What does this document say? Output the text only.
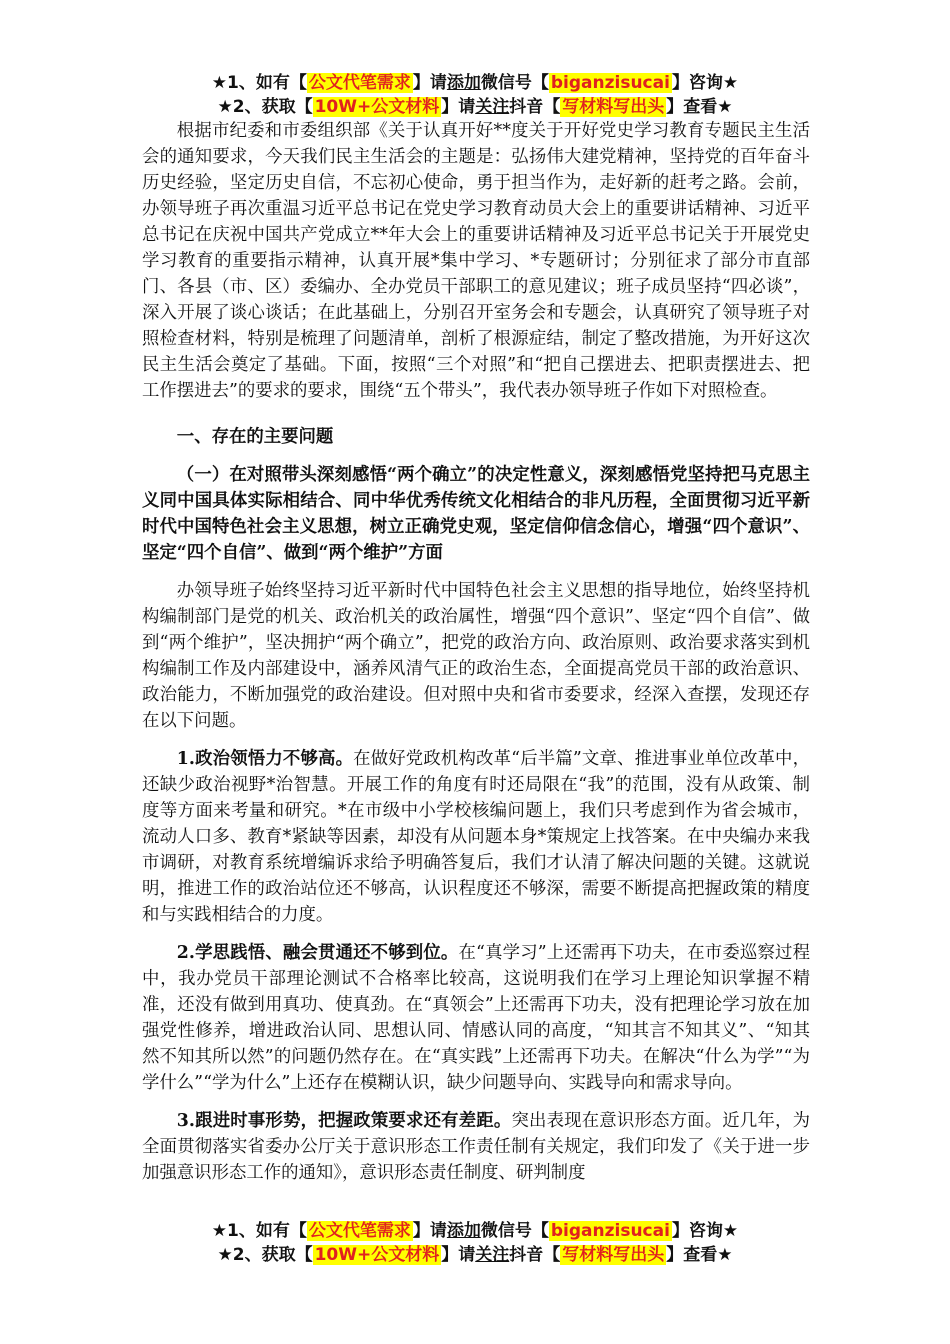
★1、如有【 公文代笔需求 】请添加微信号【 biganzisucai 】咨询★
★2、获取【 10W+公文材料 】请关注抖音【 写材料写出头 】查看★

根据市纪委和市委组织部《关于认真开好**度关于开好党史学习教育专题民主生活会的通知要求，今天我们民主生活会的主题是：弘扬伟大建党精神，坚持党的百年奋斗历史经验，坚定历史自信，不忘初心使命，勇于担当作为，走好新的赶考之路。会前，办领导班子再次重温习近平总书记在党史学习教育动员大会上的重要讲话精神、习近平总书记在庆祝中国共产党成立**年大会上的重要讲话精神及习近平总书记关于开展党史学习教育的重要指示精神，认真开展*集中学习、*专题研讨；分别征求了部分市直部门、各县（市、区）委编办、全办党员干部职工的意见建议；班子成员坚持“四必谈”，深入开展了谈心谈话；在此基础上，分别召开室务会和专题会，认真研究了领导班子对照检查材料，特别是梳理了问题清单，剖析了根源症结，制定了整改措施，为开好这次民主生活会奠定了基础。下面，按照“三个对照”和“把自己摆进去、把职责摆进去、把工作摆进去”的要求的要求，围绕“五个带头”，我代表办领导班子作如下对照检查。

一、存在的主要问题

（一）在对照带头深刻感悟“两个确立”的决定性意义，深刻感悟党坚持把马克思主义同中国具体实际相结合、同中华优秀传统文化相结合的非凡历程，全面贯彻习近平新时代中国特色社会主义思想，树立正确党史观，坚定信仰信念信心，增强“四个意识”、坚定“四个自信”、做到“两个维护”方面

办领导班子始终坚持习近平新时代中国特色社会主义思想的指导地位，始终坚持机构编制部门是党的机关、政治机关的政治属性，增强“四个意识”、坚定“四个自信”、做到“两个维护”，坚决拥护“两个确立”，把党的政治方向、政治原则、政治要求落实到机构编制工作及内部建设中，涵养风清气正的政治生态，全面提高党员干部的政治意识、政治能力，不断加强党的政治建设。但对照中央和省市委要求，经深入查摆，发现还存在以下问题。

1.政治领悟力不够高。在做好党政机构改革“后半篇”文章、推进事业单位改革中，还缺少政治视野*治智慧。开展工作的角度有时还局限在“我”的范围，没有从政策、制度等方面来考量和研究。*在市级中小学校核编问题上，我们只考虑到作为省会城市，流动人口多、教育*紧缺等因素，却没有从问题本身*策规定上找答案。在中央编办来我市调研，对教育系统增编诉求给予明确答复后，我们才认清了解决问题的关键。这就说明，推进工作的政治站位还不够高，认识程度还不够深，需要不断提高把握政策的精度和与实践相结合的力度。

2.学思践悟、融会贯通还不够到位。在“真学习”上还需再下功夫，在市委巡察过程中，我办党员干部理论测试不合格率比较高，这说明我们在学习上理论知识掌握不精准，还没有做到用真功、使真劲。在“真领会”上还需再下功夫，没有把理论学习放在加强党性修养，增进政治认同、思想认同、情感认同的高度，“知其言不知其义”、“知其然不知其所以然”的问题仍然存在。在“真实践”上还需再下功夫。在解决“什么为学”“为学什么”“学为什么”上还存在模糊认识，缺少问题导向、实践导向和需求导向。

3.跟进时事形势，把握政策要求还有差距。突出表现在意识形态方面。近几年，为全面贯彻落实省委办公厅关于意识形态工作责任制有关规定，我们印发了《关于进一步加强意识形态工作的通知》，意识形态责任制度、研判制度

★1、如有【 公文代笔需求 】请添加微信号【 biganzisucai 】咨询★
★2、获取【 10W+公文材料 】请关注抖音【 写材料写出头 】查看★
